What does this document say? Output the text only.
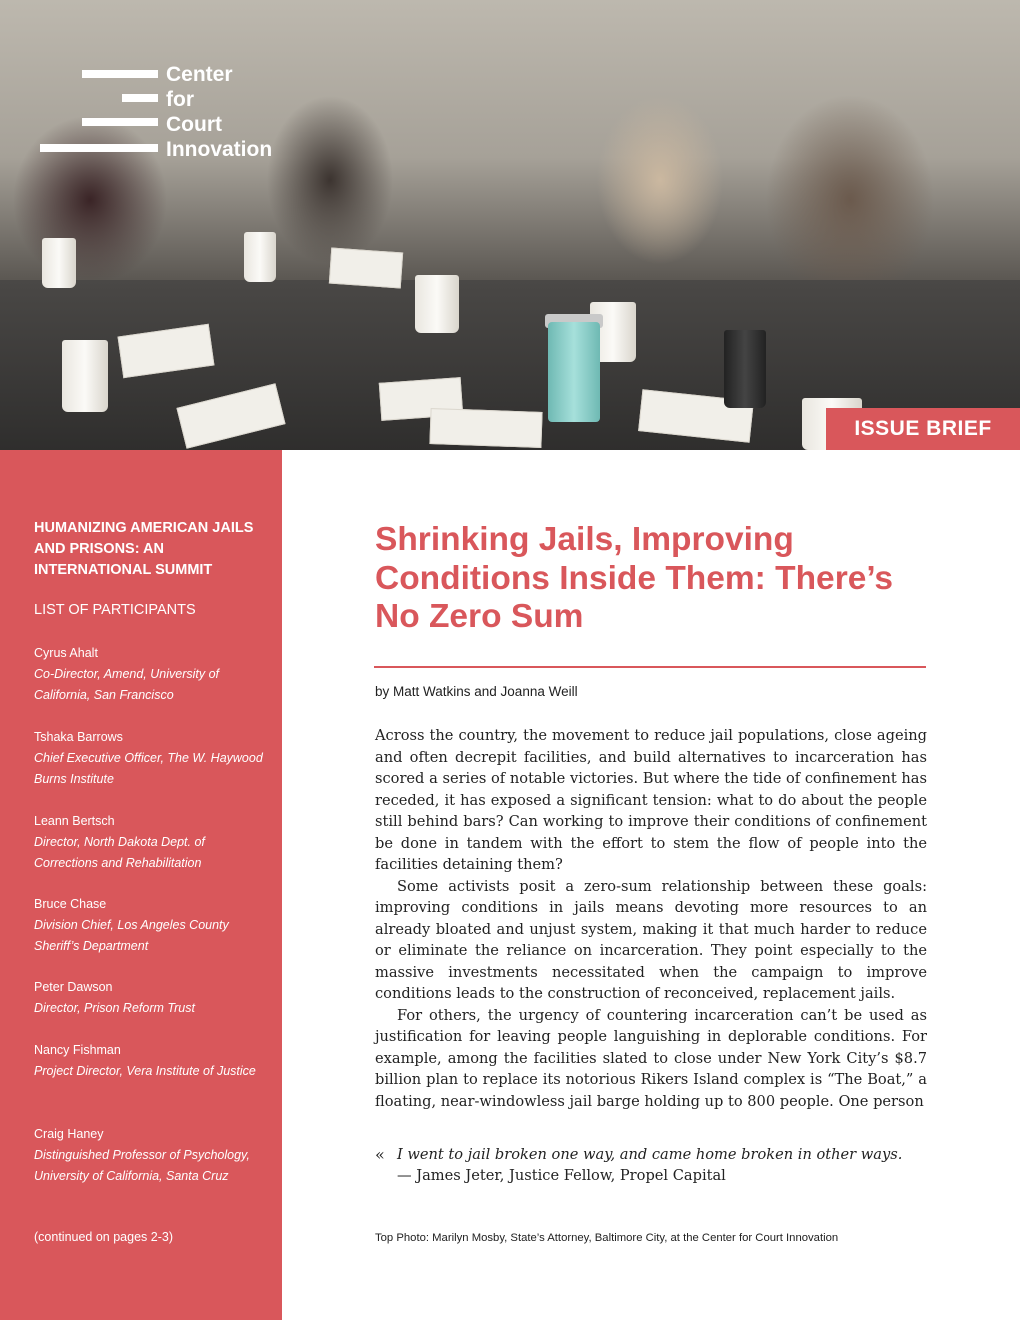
Center
for
Court
Innovation
ISSUE BRIEF
HUMANIZING AMERICAN JAILS AND PRISONS: AN INTERNATIONAL SUMMIT
LIST OF PARTICIPANTS
Cyrus Ahalt
Co-Director, Amend, University of California, San Francisco
Tshaka Barrows
Chief Executive Officer, The W. Haywood Burns Institute
Leann Bertsch
Director, North Dakota Dept. of Corrections and Rehabilitation
Bruce Chase
Division Chief, Los Angeles County Sheriff’s Department
Peter Dawson
Director, Prison Reform Trust
Nancy Fishman
Project Director, Vera Institute of Justice
Craig Haney
Distinguished Professor of Psychology, University of California, Santa Cruz
(continued on pages 2-3)
Shrinking Jails, Improving Conditions Inside Them: There’s No Zero Sum
by Matt Watkins and Joanna Weill

Across the country, the movement to reduce jail populations, close ageing and often decrepit facilities, and build alternatives to incarceration has scored a series of notable victories. But where the tide of confinement has receded, it has exposed a significant tension: what to do about the people still behind bars? Can working to improve their conditions of confinement be done in tandem with the effort to stem the flow of people into the facilities detaining them?

Some activists posit a zero-sum relationship between these goals: improving conditions in jails means devoting more resources to an already bloated and unjust system, making it that much harder to reduce or eliminate the reliance on incarceration. They point especially to the massive investments necessitated when the campaign to improve conditions leads to the construction of reconceived, replacement jails.

For others, the urgency of countering incarceration can’t be used as justification for leaving people languishing in deplorable conditions. For example, among the facilities slated to close under New York City’s $8.7 billion plan to replace its notorious Rikers Island complex is “The Boat,” a floating, near-windowless jail barge holding up to 800 people. One person

« I went to jail broken one way, and came home broken in other ways.
— James Jeter, Justice Fellow, Propel Capital
Top Photo: Marilyn Mosby, State’s Attorney, Baltimore City, at the Center for Court Innovation
